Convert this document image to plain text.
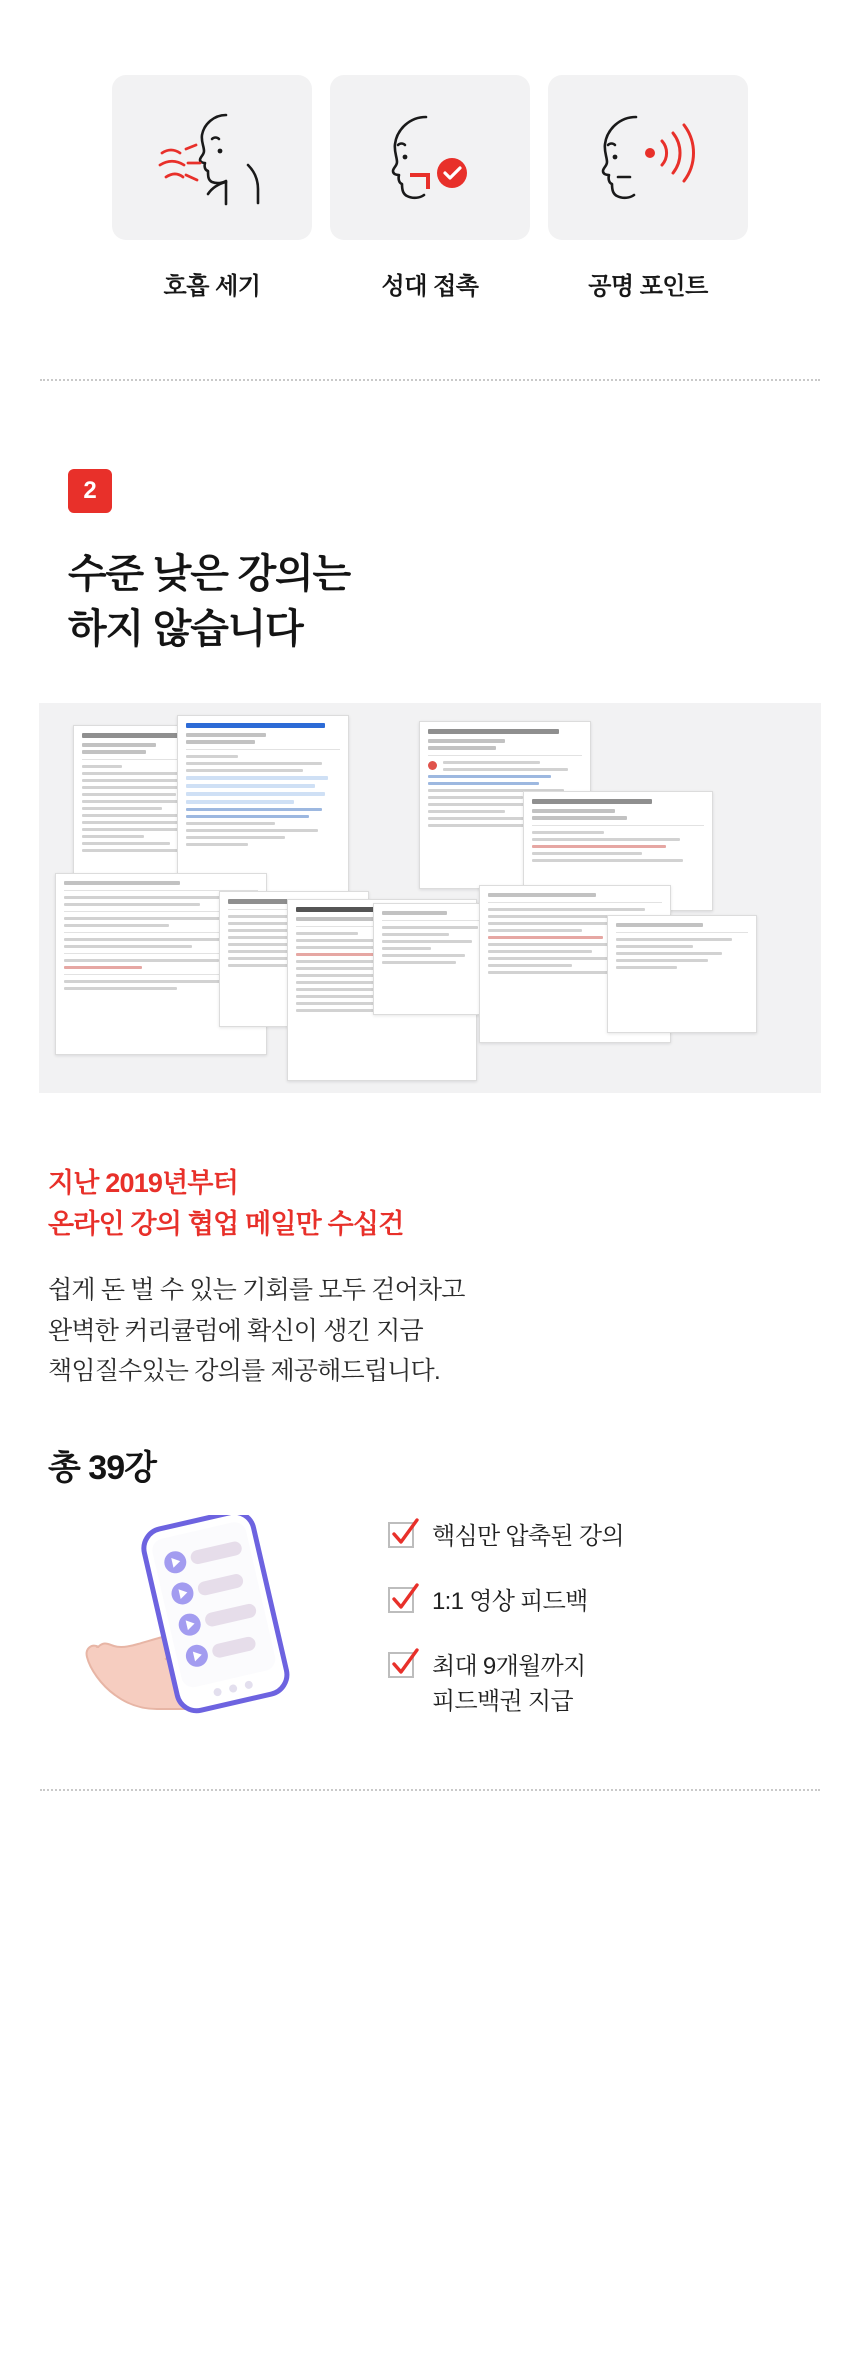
호흡 세기	성대 접촉	공명 포인트
2
수준 낮은 강의는
하지 않습니다
지난 2019년부터
온라인 강의 협업 메일만 수십건
쉽게 돈 벌 수 있는 기회를 모두 걷어차고
완벽한 커리큘럼에 확신이 생긴 지금
책임질수있는 강의를 제공해드립니다.
총 39강
핵심만 압축된 강의
1:1 영상 피드백
최대 9개월까지
피드백권 지급
